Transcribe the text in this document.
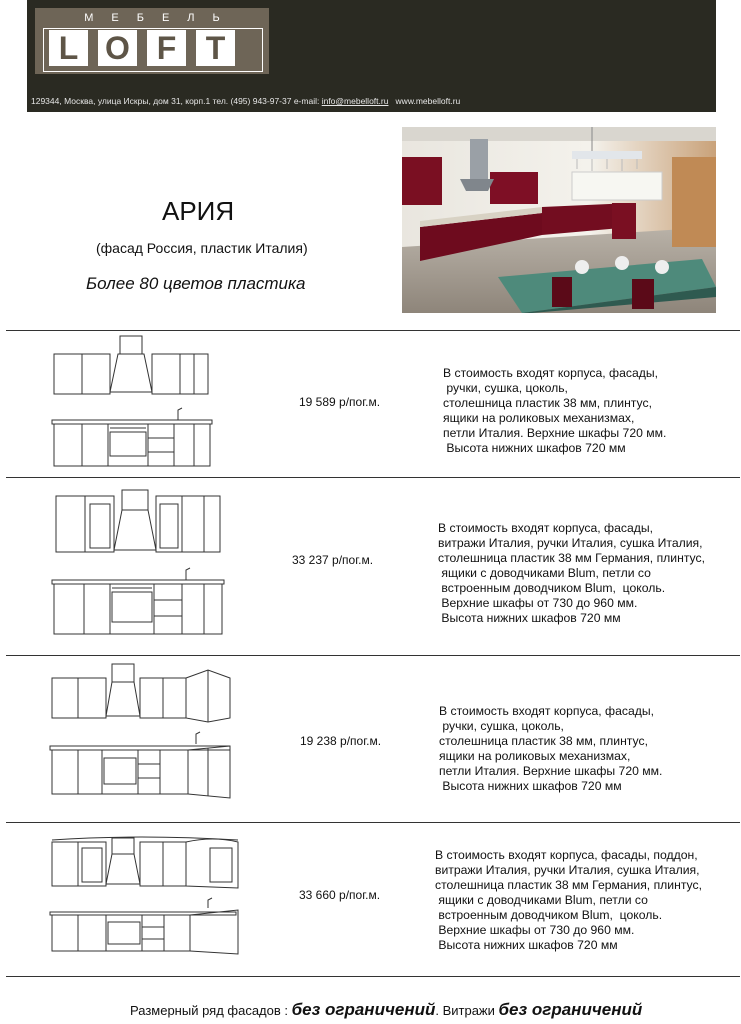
МЕБЕЛЬ
L O F T
129344, Москва, улица Искры, дом 31, корп.1 тел. (495) 943-97-37 e-mail: info@mebelloft.ru www.mebelloft.ru
АРИЯ
(фасад Россия, пластик Италия)
Более 80 цветов пластика
19 589 р/пог.м.
В стоимость входят корпуса, фасады,
ручки, сушка, цоколь,
столешница пластик 38 мм, плинтус,
ящики на роликовых механизмах,
петли Италия. Верхние шкафы 720 мм.
Высота нижних шкафов 720 мм
33 237 р/пог.м.
В стоимость входят корпуса, фасады,
витражи Италия, ручки Италия, сушка Италия,
столешница пластик 38 мм Германия, плинтус,
ящики с доводчиками Blum, петли со
встроенным доводчиком Blum,  цоколь.
Верхние шкафы от 730 до 960 мм.
Высота нижних шкафов 720 мм
19 238 р/пог.м.
В стоимость входят корпуса, фасады,
ручки, сушка, цоколь,
столешница пластик 38 мм, плинтус,
ящики на роликовых механизмах,
петли Италия. Верхние шкафы 720 мм.
Высота нижних шкафов 720 мм
33 660 р/пог.м.
В стоимость входят корпуса, фасады, поддон,
витражи Италия, ручки Италия, сушка Италия,
столешница пластик 38 мм Германия, плинтус,
ящики с доводчиками Blum, петли со
встроенным доводчиком Blum,  цоколь.
Верхние шкафы от 730 до 960 мм.
Высота нижних шкафов 720 мм
Размерный ряд фасадов : без ограничений. Витражи без ограничений
